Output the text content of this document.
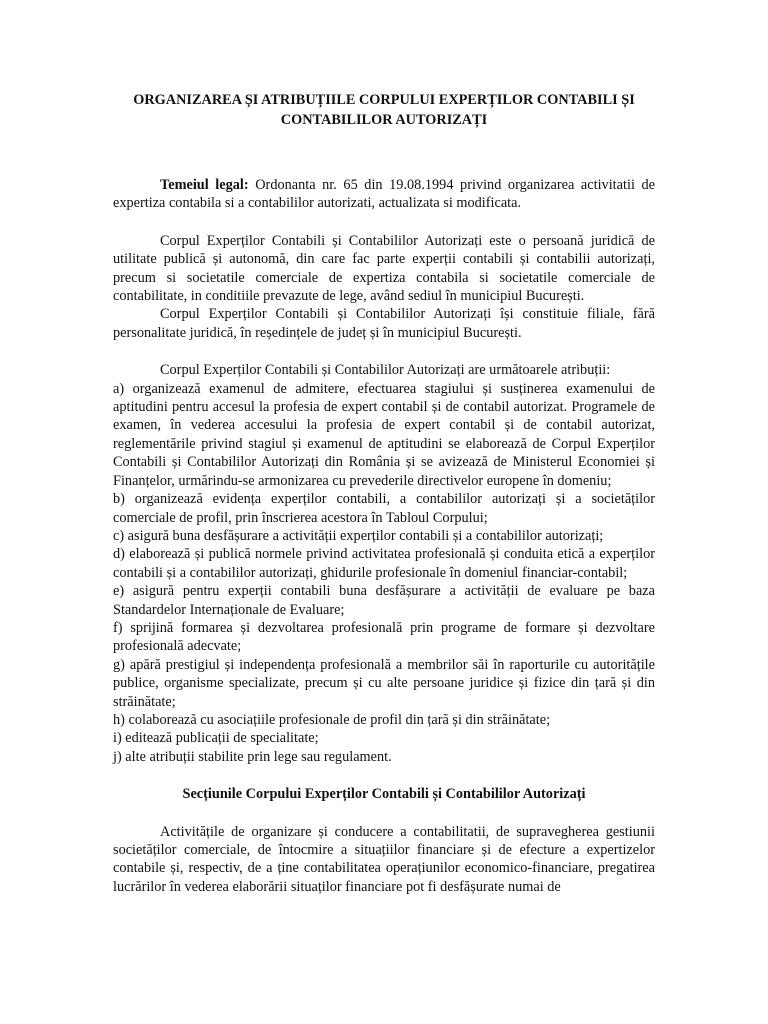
ORGANIZAREA ȘI ATRIBUȚIILE CORPULUI EXPERȚILOR CONTABILI ȘI
CONTABILILOR AUTORIZAȚI

Temeiul legal: Ordonanta nr. 65 din 19.08.1994 privind organizarea activitatii de expertiza contabila si a contabililor autorizati, actualizata si modificata.

Corpul Experților Contabili și Contabililor Autorizați este o persoană juridică de utilitate publică și autonomă, din care fac parte experții contabili și contabilii autorizați, precum si societatile comerciale de expertiza contabila si societatile comerciale de contabilitate, in conditiile prevazute de lege, având sediul în municipiul București.

Corpul Experților Contabili și Contabililor Autorizați își constituie filiale, fără personalitate juridică, în reședințele de județ și în municipiul București.

Corpul Experților Contabili și Contabililor Autorizați are următoarele atribuții:

a) organizează examenul de admitere, efectuarea stagiului și susținerea examenului de aptitudini pentru accesul la profesia de expert contabil și de contabil autorizat. Programele de examen, în vederea accesului la profesia de expert contabil și de contabil autorizat, reglementările privind stagiul și examenul de aptitudini se elaborează de Corpul Experților Contabili și Contabililor Autorizați din România și se avizează de Ministerul Economiei și Finanțelor, urmărindu-se armonizarea cu prevederile directivelor europene în domeniu;

b) organizează evidența experților contabili, a contabililor autorizați și a societăților comerciale de profil, prin înscrierea acestora în Tabloul Corpului;

c) asigură buna desfășurare a activității experților contabili și a contabililor autorizați;

d) elaborează și publică normele privind activitatea profesională și conduita etică a experților contabili și a contabililor autorizați, ghidurile profesionale în domeniul financiar-contabil;

e) asigură pentru experții contabili buna desfășurare a activității de evaluare pe baza Standardelor Internaționale de Evaluare;

f) sprijină formarea și dezvoltarea profesională prin programe de formare și dezvoltare profesională adecvate;

g) apără prestigiul și independența profesională a membrilor săi în raporturile cu autoritățile publice, organisme specializate, precum și cu alte persoane juridice și fizice din țară și din străinătate;

h) colaborează cu asociațiile profesionale de profil din țară și din străinătate;

i) editează publicații de specialitate;

j) alte atribuții stabilite prin lege sau regulament.

Secțiunile Corpului Experților Contabili și Contabililor Autorizați

Activitățile de organizare și conducere a contabilitatii, de supravegherea gestiunii societăților comerciale, de întocmire a situațiilor financiare și de efecture a expertizelor contabile și, respectiv, de a ține contabilitatea operațiunilor economico-financiare, pregatirea lucrărilor în vederea elaborării situaților financiare pot fi desfășurate numai de
